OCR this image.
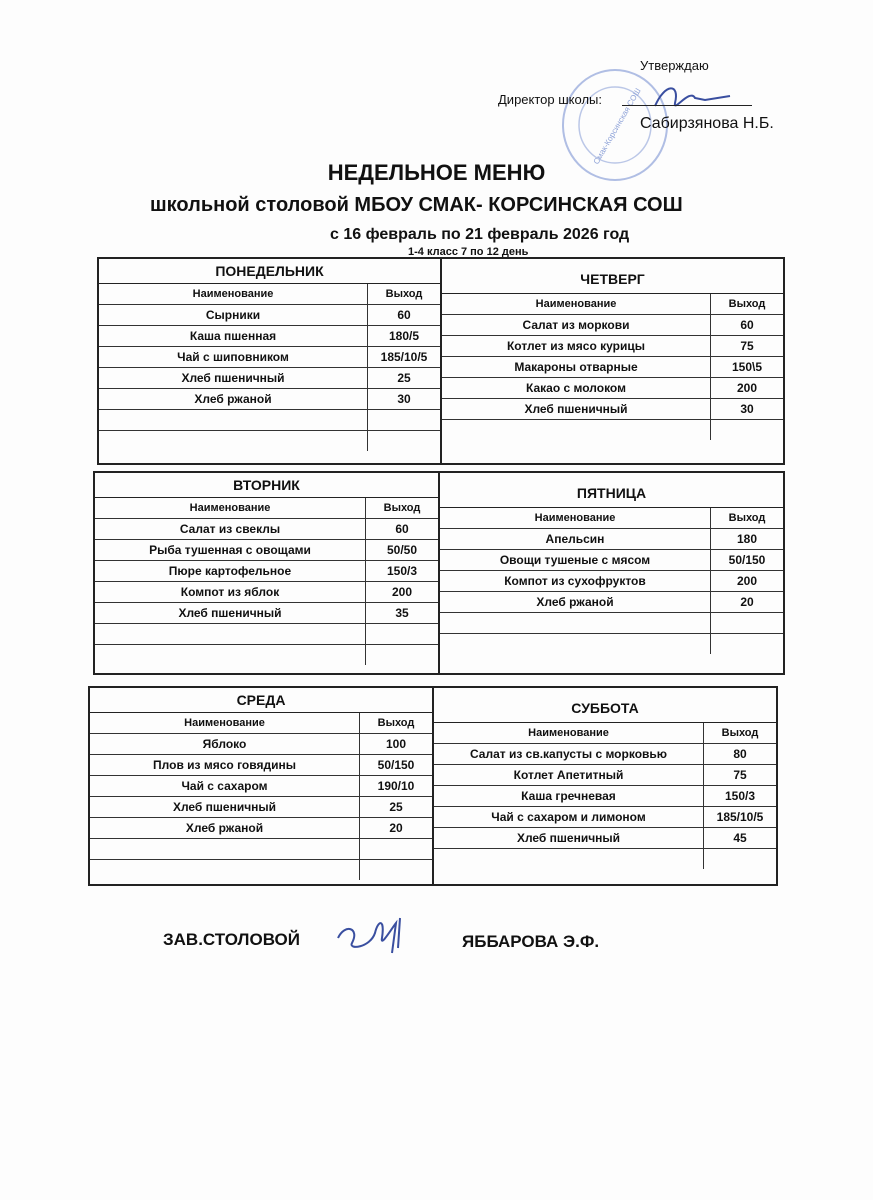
Смак-Корсинская СОШ
Утверждаю
Директор школы:
Сабирзянова Н.Б.
НЕДЕЛЬНОЕ МЕНЮ
школьной столовой МБОУ СМАК- КОРСИНСКАЯ СОШ
с 16 февраль по 21 февраль 2026 год
1-4 класс 7 по 12 день
ПОНЕДЕЛЬНИК
Наименование	Выход
Сырники	60
Каша пшенная	180/5
Чай с шиповником	185/10/5
Хлеб пшеничный	25
Хлеб ржаной	30
ЧЕТВЕРГ
Наименование	Выход
Салат из моркови	60
Котлет из мясо курицы	75
Макароны отварные	150\5
Какао с молоком	200
Хлеб пшеничный	30
ВТОРНИК
Наименование	Выход
Салат из свеклы	60
Рыба тушенная с овощами	50/50
Пюре картофельное	150/3
Компот из яблок	200
Хлеб пшеничный	35
ПЯТНИЦА
Наименование	Выход
Апельсин	180
Овощи тушеные с мясом	50/150
Компот из сухофруктов	200
Хлеб ржаной	20
СРЕДА
Наименование	Выход
Яблоко	100
Плов из мясо говядины	50/150
Чай с сахаром	190/10
Хлеб пшеничный	25
Хлеб ржаной	20
СУББОТА
Наименование	Выход
Салат из св.капусты с морковью	80
Котлет Апетитный	75
Каша гречневая	150/3
Чай с сахаром и лимоном	185/10/5
Хлеб пшеничный	45
ЗАВ.СТОЛОВОЙ	ЯББАРОВА Э.Ф.
